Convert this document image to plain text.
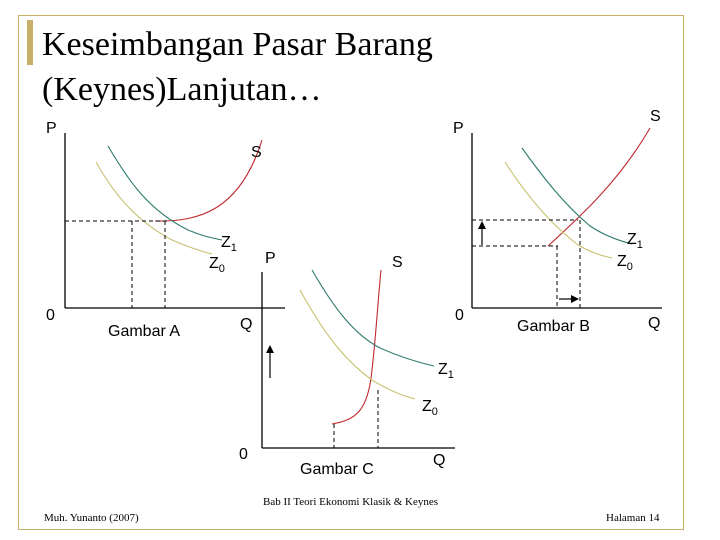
Keseimbangan Pasar Barang
(Keynes)Lanjutan…
P
S
0
$Z_1$
$Z_0$
Gambar A
P
S
0
$Z_1$
$Z_0$
Gambar B	Q
P	S
Q
$Z_1$
$Z_0$
0
Gambar C
Q
Muh. Yunanto (2007)
Bab II Teori Ekonomi Klasik & Keynes
Halaman 14
